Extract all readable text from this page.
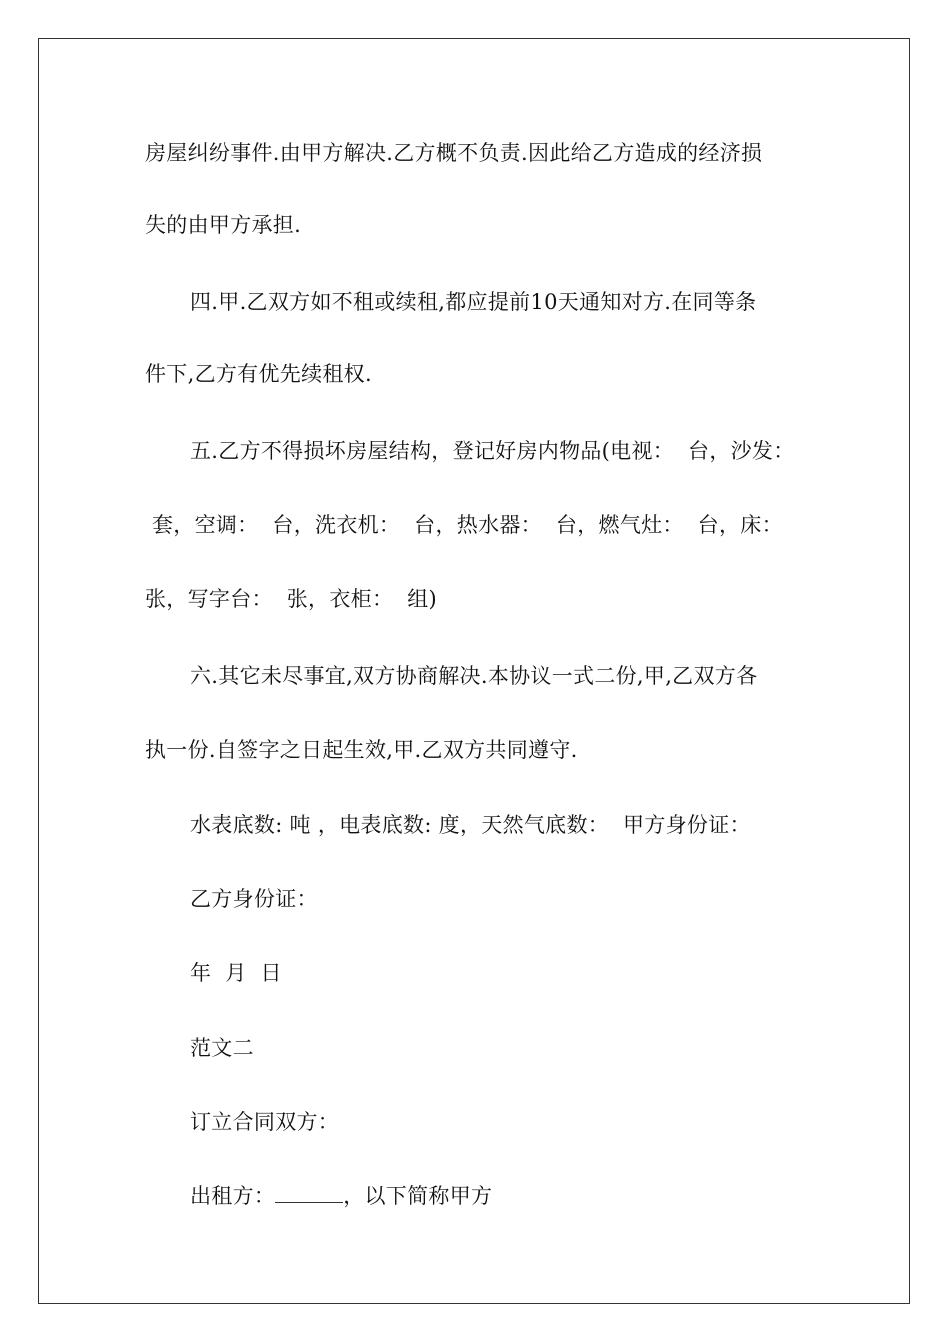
房屋纠纷事件.由甲方解决.乙方概不负责.因此给乙方造成的经济损
失的由甲方承担.
四.甲.乙双方如不租或续租,都应提前10天通知对方.在同等条
件下,乙方有优先续租权.
五.乙方不得损坏房屋结构，登记好房内物品(电视：  台，沙发：
套，空调：  台，洗衣机：  台，热水器：  台，燃气灶：  台，床：
张，写字台：  张，衣柜：  组)
六.其它未尽事宜,双方协商解决.本协议一式二份,甲,乙双方各
执一份.自签字之日起生效,甲.乙双方共同遵守.
水表底数: 吨 ，电表底数: 度，天然气底数：  甲方身份证：
乙方身份证：
年  月  日
范文二
订立合同双方：
出租方：	，以下简称甲方
